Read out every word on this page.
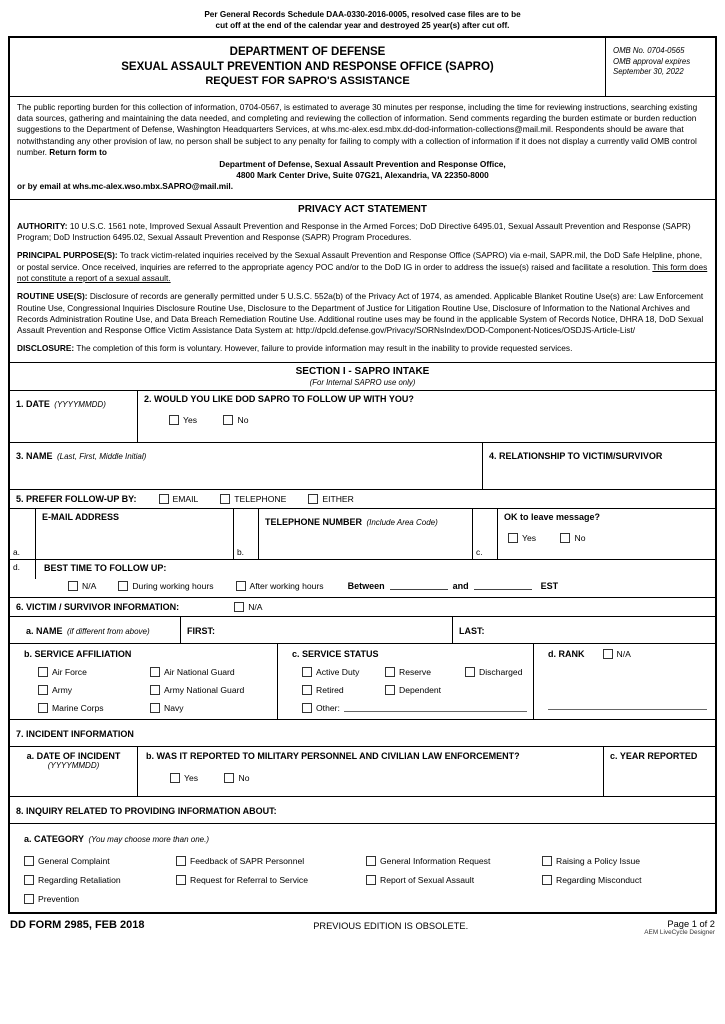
Per General Records Schedule DAA-0330-2016-0005, resolved case files are to be
cut off at the end of the calendar year and destroyed 25 year(s) after cut off.
DEPARTMENT OF DEFENSE
SEXUAL ASSAULT PREVENTION AND RESPONSE OFFICE (SAPRO)
REQUEST FOR SAPRO'S ASSISTANCE
OMB No. 0704-0565
OMB approval expires
September 30, 2022

The public reporting burden for this collection of information, 0704-0567, is estimated to average 30 minutes per response, including the time for reviewing instructions, searching existing data sources, gathering and maintaining the data needed, and completing and reviewing the collection of information. Send comments regarding the burden estimate or burden reduction suggestions to the Department of Defense, Washington Headquarters Services, at whs.mc-alex.esd.mbx.dd-dod-information-collections@mail.mil. Respondents should be aware that notwithstanding any other provision of law, no person shall be subject to any penalty for failing to comply with a collection of information if it does not display a currently valid OMB control number. Return form to

Department of Defense, Sexual Assault Prevention and Response Office,

4800 Mark Center Drive, Suite 07G21, Alexandria, VA 22350-8000

or by email at whs.mc-alex.wso.mbx.SAPRO@mail.mil.

PRIVACY ACT STATEMENT

AUTHORITY: 10 U.S.C. 1561 note, Improved Sexual Assault Prevention and Response in the Armed Forces; DoD Directive 6495.01, Sexual Assault Prevention and Response (SAPR) Program; DoD Instruction 6495.02, Sexual Assault Prevention and Response (SAPR) Program Procedures.

PRINCIPAL PURPOSE(S): To track victim-related inquiries received by the Sexual Assault Prevention and Response Office (SAPRO) via e-mail, SAPR.mil, the DoD Safe Helpline, phone, or postal service. Once received, inquiries are referred to the appropriate agency POC and/or to the DoD IG in order to address the issue(s) raised and facilitate a resolution. This form does not constitute a report of a sexual assault.

ROUTINE USE(S): Disclosure of records are generally permitted under 5 U.S.C. 552a(b) of the Privacy Act of 1974, as amended. Applicable Blanket Routine Use(s) are: Law Enforcement Routine Use, Congressional Inquiries Disclosure Routine Use, Disclosure to the Department of Justice for Litigation Routine Use, Disclosure of Information to the National Archives and Records Administration Routine Use, and Data Breach Remediation Routine Use. Additional routine uses may be found in the applicable System of Records Notice, DHRA 18, DoD Sexual Assault Prevention and Response Office Victim Assistance Data System at: http://dpcld.defense.gov/Privacy/SORNsIndex/DOD-Component-Notices/OSDJS-Article-List/

DISCLOSURE: The completion of this form is voluntary. However, failure to provide information may result in the inability to provide requested services.

SECTION I - SAPRO INTAKE
(For Internal SAPRO use only)
1. DATE (YYYYMMDD)
2. WOULD YOU LIKE DOD SAPRO TO FOLLOW UP WITH YOU?
Yes
	No
3. NAME (Last, First, Middle Initial)	4. RELATIONSHIP TO VICTIM/SURVIVOR
5. PREFER FOLLOW-UP BY:	EMAIL	TELEPHONE	EITHER
a.
E-MAIL ADDRESS
b.
TELEPHONE NUMBER (Include Area Code)
c.
OK to leave message?
Yes
	No
d.	BEST TIME TO FOLLOW UP:
N/A	During working hours	After working hours	Between	and	EST
6. VICTIM / SURVIVOR INFORMATION:	N/A
a. NAME (if different from above)	FIRST:	LAST:
b. SERVICE AFFILIATION
Air Force	Air National Guard
Army	Army National Guard
Marine Corps	Navy
c. SERVICE STATUS
Active Duty	Reserve	Discharged
Retired	Dependent
Other:
d. RANK	N/A
7. INCIDENT INFORMATION
a. DATE OF INCIDENT
(YYYYMMDD)
b. WAS IT REPORTED TO MILITARY PERSONNEL AND CIVILIAN LAW ENFORCEMENT?
Yes
	No
c. YEAR REPORTED
8. INQUIRY RELATED TO PROVIDING INFORMATION ABOUT:
a. CATEGORY (You may choose more than one.)
General Complaint	Feedback of SAPR Personnel	General Information Request	Raising a Policy Issue
Regarding Retaliation	Request for Referral to Service	Report of Sexual Assault	Regarding Misconduct
Prevention
DD FORM 2985, FEB 2018	PREVIOUS EDITION IS OBSOLETE.	Page 1 of 2
AEM LiveCycle Designer
